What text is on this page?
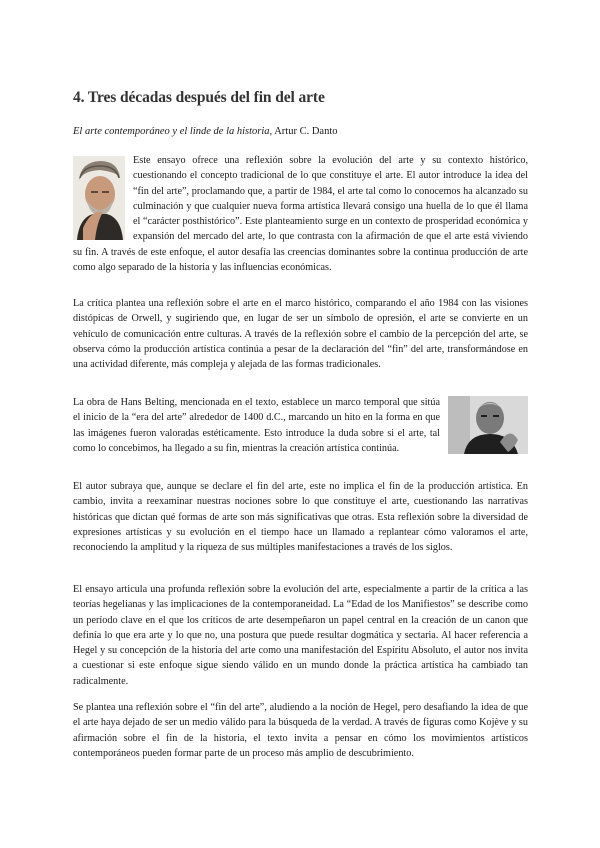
4. Tres décadas después del fin del arte

El arte contemporáneo y el linde de la historia, Artur C. Danto

Este ensayo ofrece una reflexión sobre la evolución del arte y su contexto histórico, cuestionando el concepto tradicional de lo que constituye el arte. El autor introduce la idea del “fin del arte”, proclamando que, a partir de 1984, el arte tal como lo conocemos ha alcanzado su culminación y que cualquier nueva forma artística llevará consigo una huella de lo que él llama el “carácter posthistórico”. Este planteamiento surge en un contexto de prosperidad económica y expansión del mercado del arte, lo que contrasta con la afirmación de que el arte está viviendo su fin. A través de este enfoque, el autor desafía las creencias dominantes sobre la continua producción de arte como algo separado de la historia y las influencias económicas.

La crítica plantea una reflexión sobre el arte en el marco histórico, comparando el año 1984 con las visiones distópicas de Orwell, y sugiriendo que, en lugar de ser un símbolo de opresión, el arte se convierte en un vehículo de comunicación entre culturas. A través de la reflexión sobre el cambio de la percepción del arte, se observa cómo la producción artística continúa a pesar de la declaración del “fin” del arte, transformándose en una actividad diferente, más compleja y alejada de las formas tradicionales.

La obra de Hans Belting, mencionada en el texto, establece un marco temporal que sitúa el inicio de la “era del arte” alrededor de 1400 d.C., marcando un hito en la forma en que las imágenes fueron valoradas estéticamente. Esto introduce la duda sobre si el arte, tal como lo concebimos, ha llegado a su fin, mientras la creación artística continúa.

El autor subraya que, aunque se declare el fin del arte, este no implica el fin de la producción artística. En cambio, invita a reexaminar nuestras nociones sobre lo que constituye el arte, cuestionando las narrativas históricas que dictan qué formas de arte son más significativas que otras. Esta reflexión sobre la diversidad de expresiones artísticas y su evolución en el tiempo hace un llamado a replantear cómo valoramos el arte, reconociendo la amplitud y la riqueza de sus múltiples manifestaciones a través de los siglos.

El ensayo articula una profunda reflexión sobre la evolución del arte, especialmente a partir de la crítica a las teorías hegelianas y las implicaciones de la contemporaneidad. La “Edad de los Manifiestos” se describe como un período clave en el que los críticos de arte desempeñaron un papel central en la creación de un canon que definía lo que era arte y lo que no, una postura que puede resultar dogmática y sectaria. Al hacer referencia a Hegel y su concepción de la historia del arte como una manifestación del Espíritu Absoluto, el autor nos invita a cuestionar si este enfoque sigue siendo válido en un mundo donde la práctica artística ha cambiado tan radicalmente.

Se plantea una reflexión sobre el “fin del arte”, aludiendo a la noción de Hegel, pero desafiando la idea de que el arte haya dejado de ser un medio válido para la búsqueda de la verdad. A través de figuras como Kojève y su afirmación sobre el fin de la historia, el texto invita a pensar en cómo los movimientos artísticos contemporáneos pueden formar parte de un proceso más amplio de descubrimiento.
